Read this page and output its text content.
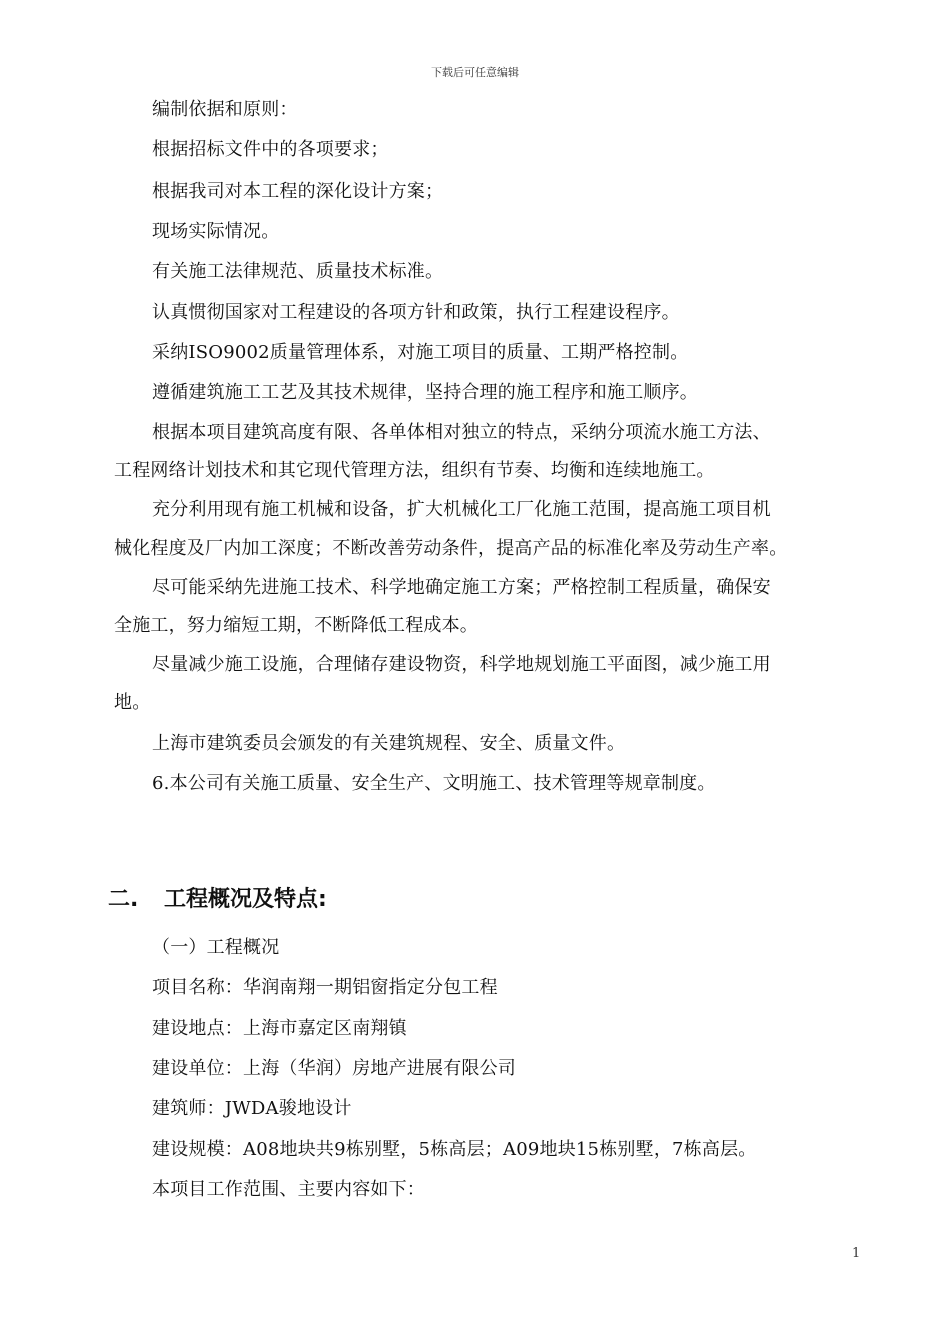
下载后可任意编辑
编制依据和原则：
根据招标文件中的各项要求；
根据我司对本工程的深化设计方案；
现场实际情况。
有关施工法律规范、质量技术标准。
认真惯彻国家对工程建设的各项方针和政策，执行工程建设程序。
采纳ISO9002质量管理体系，对施工项目的质量、工期严格控制。
遵循建筑施工工艺及其技术规律，坚持合理的施工程序和施工顺序。
根据本项目建筑高度有限、各单体相对独立的特点，采纳分项流水施工方法、
工程网络计划技术和其它现代管理方法，组织有节奏、均衡和连续地施工。
充分利用现有施工机械和设备，扩大机械化工厂化施工范围，提高施工项目机
械化程度及厂内加工深度；不断改善劳动条件，提高产品的标准化率及劳动生产率。
尽可能采纳先进施工技术、科学地确定施工方案；严格控制工程质量，确保安
全施工，努力缩短工期，不断降低工程成本。
尽量减少施工设施，合理储存建设物资，科学地规划施工平面图，减少施工用
地。
上海市建筑委员会颁发的有关建筑规程、安全、质量文件。
6.本公司有关施工质量、安全生产、文明施工、技术管理等规章制度。
二. 工程概况及特点:
（一）工程概况
项目名称：华润南翔一期铝窗指定分包工程
建设地点：上海市嘉定区南翔镇
建设单位：上海（华润）房地产进展有限公司
建筑师：JWDA骏地设计
建设规模：A08地块共9栋别墅，5栋高层；A09地块15栋别墅，7栋高层。
本项目工作范围、主要内容如下：
1
